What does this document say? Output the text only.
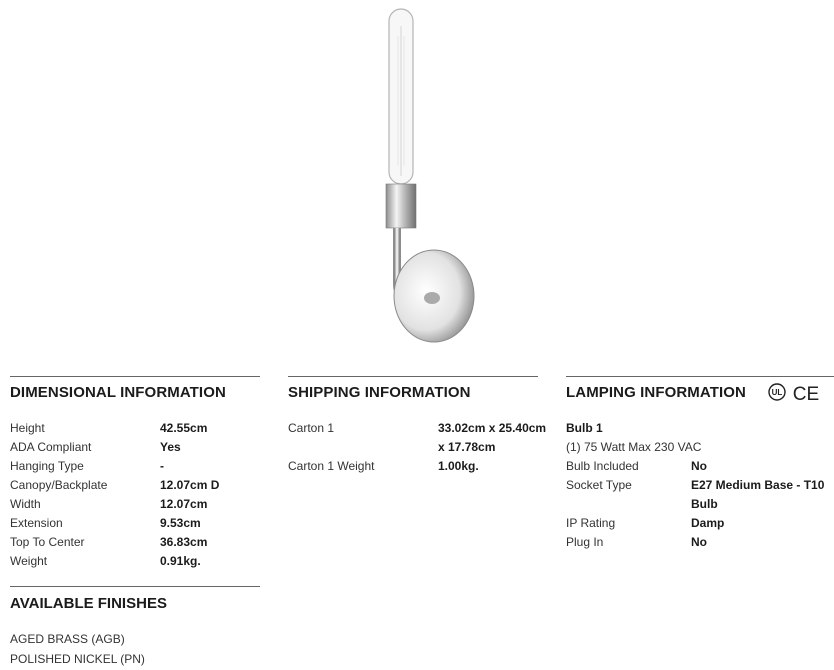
DIMENSIONAL INFORMATION
Height	42.55cm
ADA Compliant	Yes
Hanging Type	-
Canopy/Backplate	12.07cm D
Width	12.07cm
Extension	9.53cm
Top To Center	36.83cm
Weight	0.91kg.
SHIPPING INFORMATION
Carton 1	33.02cm x 25.40cm
x 17.78cm
Carton 1 Weight	1.00kg.
LAMPING INFORMATION
Bulb 1
(1) 75 Watt Max 230 VAC
Bulb Included	No
Socket Type	E27 Medium Base - T10
Bulb
IP Rating	Damp
Plug In	No
UL CE
AVAILABLE FINISHES
AGED BRASS (AGB)
POLISHED NICKEL (PN)
